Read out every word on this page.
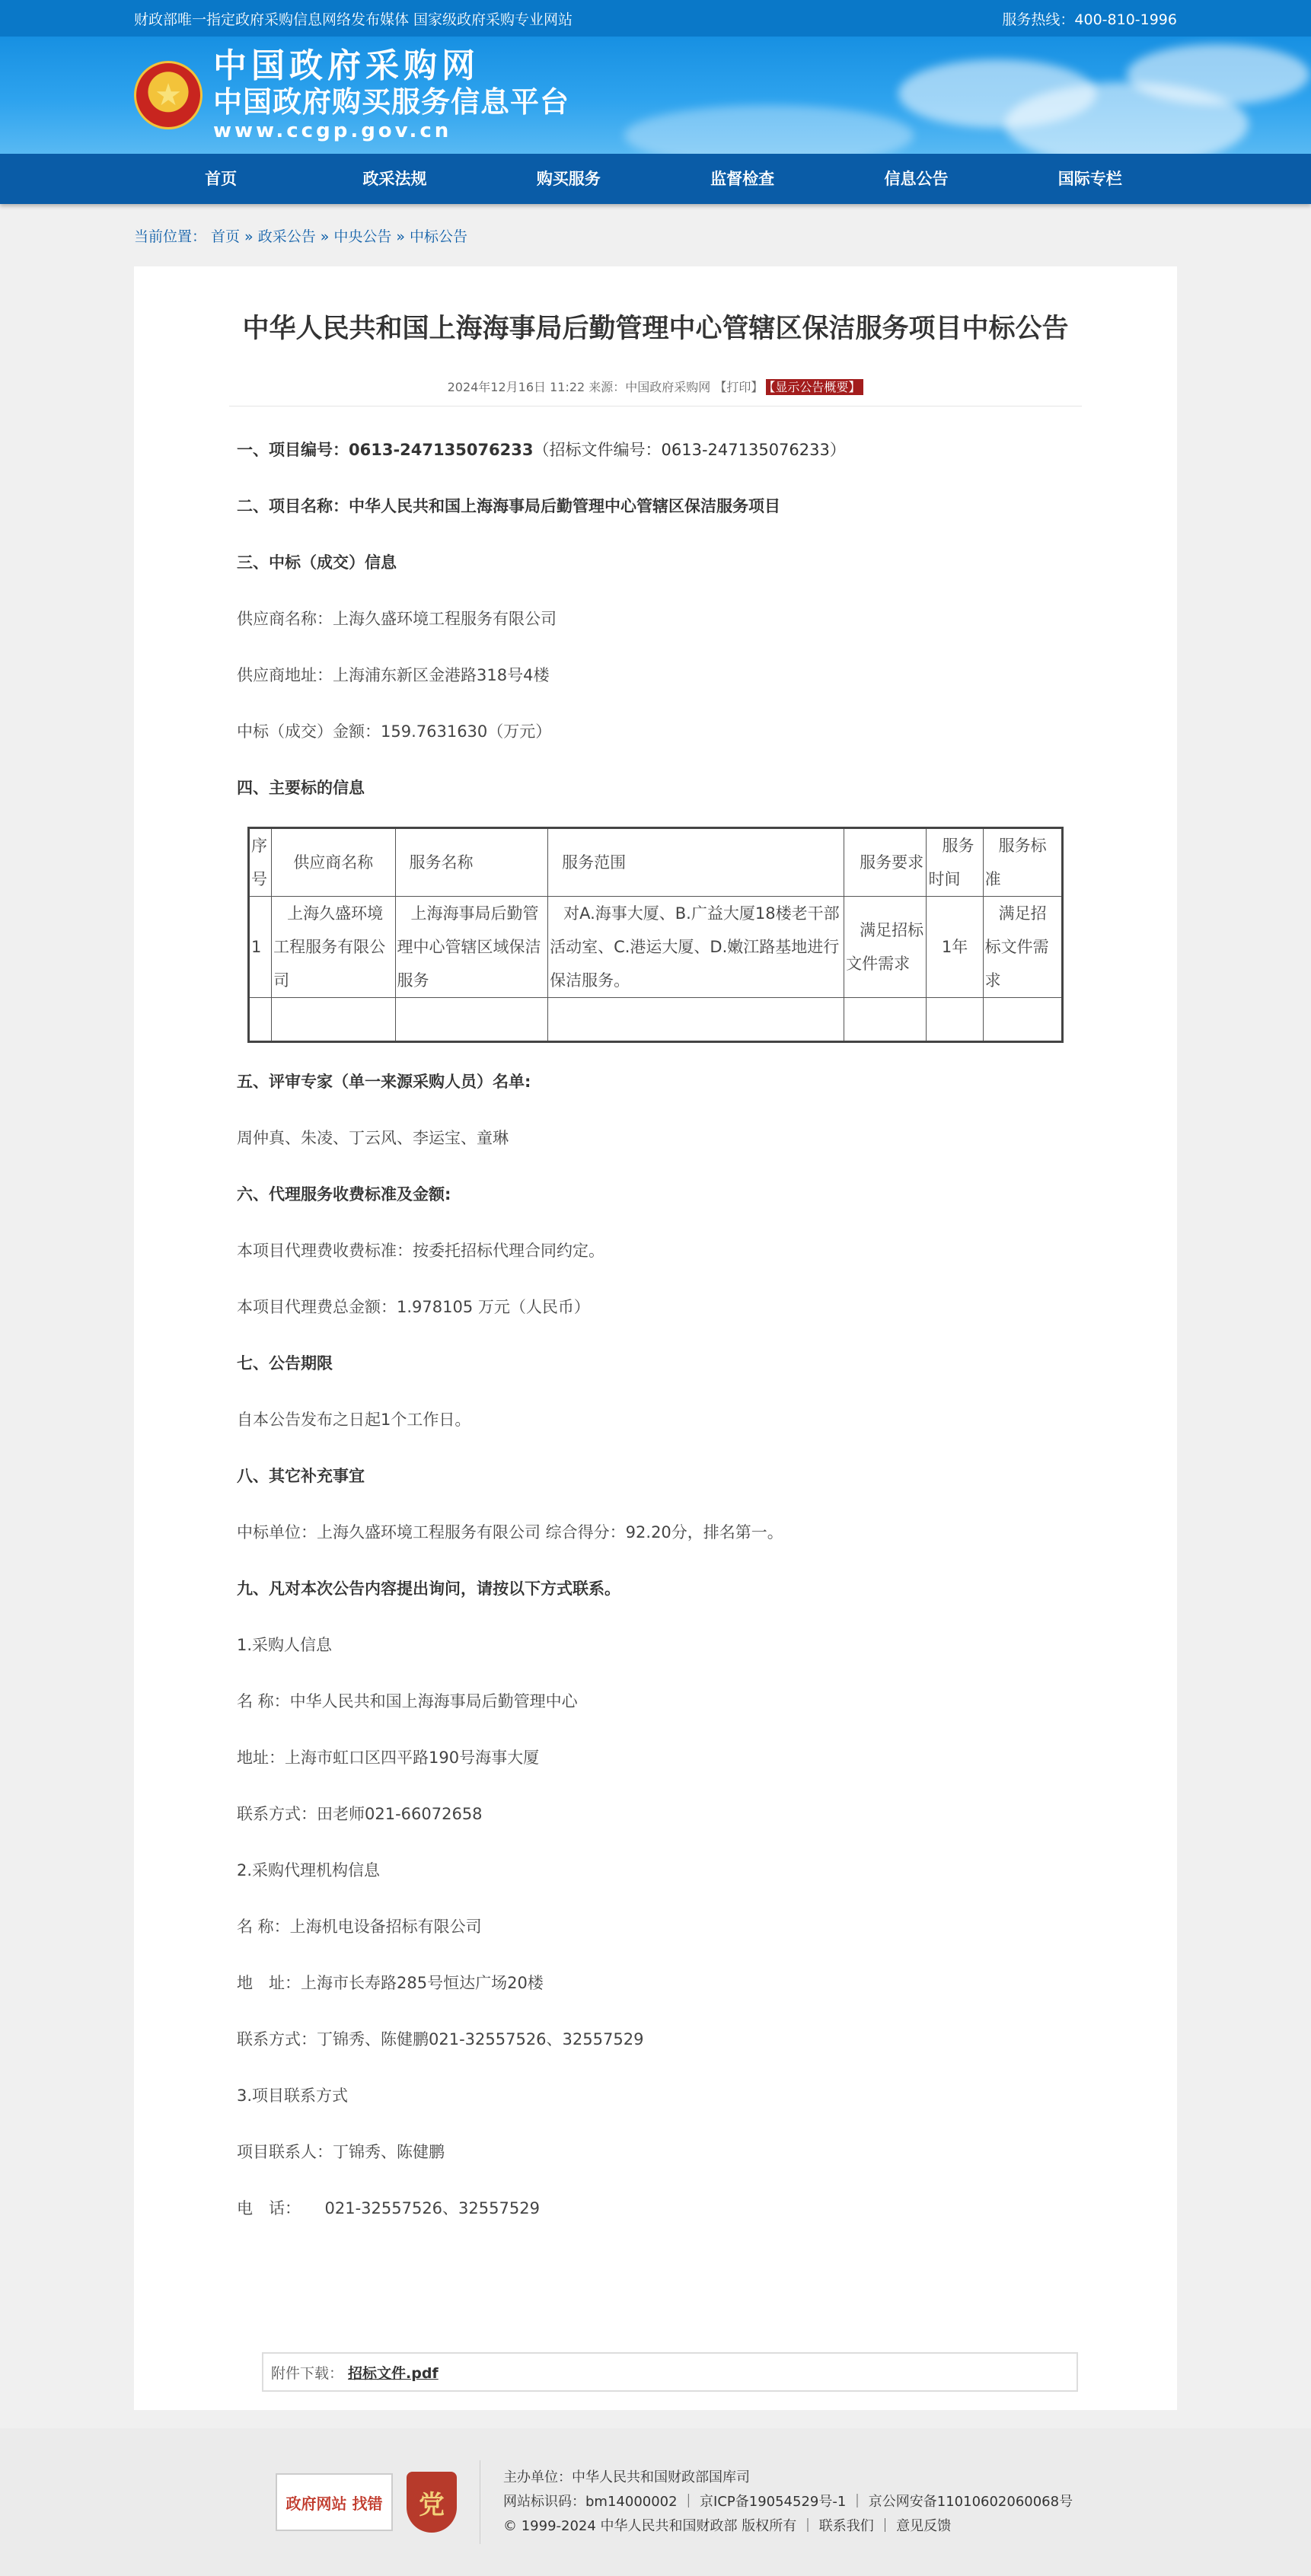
财政部唯一指定政府采购信息网络发布媒体 国家级政府采购专业网站	服务热线：400-810-1996
★
中国政府采购网
中国政府购买服务信息平台
www.ccgp.gov.cn
首页	政采法规	购买服务	监督检查	信息公告	国际专栏
当前位置： 首页 » 政采公告 » 中央公告 » 中标公告
中华人民共和国上海海事局后勤管理中心管辖区保洁服务项目中标公告
2024年12月16日 11:22 来源：中国政府采购网 【打印】 【显示公告概要】
一、项目编号：0613-247135076233（招标文件编号：0613-247135076233）
二、项目名称：中华人民共和国上海海事局后勤管理中心管辖区保洁服务项目
三、中标（成交）信息
供应商名称：上海久盛环境工程服务有限公司
供应商地址：上海浦东新区金港路318号4楼
中标（成交）金额：159.7631630（万元）
四、主要标的信息
序号	供应商名称	服务名称	服务范围	服务要求	服务时间	服务标准
1	上海久盛环境工程服务有限公司	上海海事局后勤管理中心管辖区域保洁服务	对A.海事大厦、B.广益大厦18楼老干部活动室、C.港运大厦、D.嫩江路基地进行保洁服务。	满足招标文件需求	1年	满足招标文件需求

五、评审专家（单一来源采购人员）名单:
周仲真、朱凌、丁云风、李运宝、童琳
六、代理服务收费标准及金额:
本项目代理费收费标准：按委托招标代理合同约定。
本项目代理费总金额：1.978105 万元（人民币）
七、公告期限
自本公告发布之日起1个工作日。
八、其它补充事宜
中标单位：上海久盛环境工程服务有限公司 综合得分：92.20分，排名第一。
九、凡对本次公告内容提出询问，请按以下方式联系。
1.采购人信息
名 称：中华人民共和国上海海事局后勤管理中心
地址：上海市虹口区四平路190号海事大厦
联系方式：田老师021-66072658
2.采购代理机构信息
名 称：上海机电设备招标有限公司
地　址：上海市长寿路285号恒达广场20楼
联系方式：丁锦秀、陈健鹏021-32557526、32557529
3.项目联系方式
项目联系人：丁锦秀、陈健鹏
电　话：　　021-32557526、32557529
附件下载： 招标文件.pdf
政府网站 找错	党
主办单位：中华人民共和国财政部国库司
网站标识码：bm14000002 ｜ 京ICP备19054529号-1 ｜ 京公网安备11010602060068号
© 1999-2024 中华人民共和国财政部 版权所有 ｜ 联系我们 ｜ 意见反馈
